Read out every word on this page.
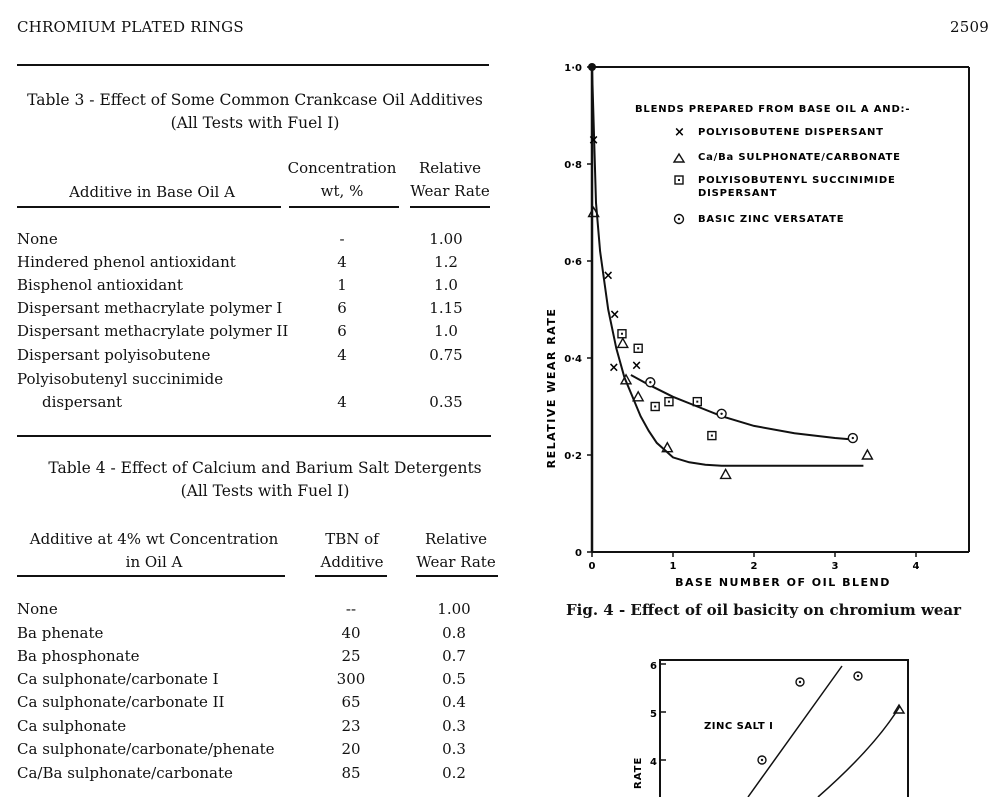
CHROMIUM PLATED RINGS	2509
Table 3 - Effect of Some Common Crankcase Oil Additives
(All Tests with Fuel I)
Additive in Base Oil A
Concentration
wt, %
Relative
Wear Rate
None	-	1.00
Hindered phenol antioxidant	4	1.2
Bisphenol antioxidant	1	1.0
Dispersant methacrylate polymer I	6	1.15
Dispersant methacrylate polymer II	6	1.0
Dispersant polyisobutene	4	0.75
Polyisobutenyl succinimide
dispersant	4	0.35
Table 4 - Effect of Calcium and Barium Salt Detergents
(All Tests with Fuel I)
Additive at 4% wt Concentration
in Oil A
TBN of
Additive
Relative
Wear Rate
None	--	1.00
Ba phenate	40	0.8
Ba phosphonate	25	0.7
Ca sulphonate/carbonate I	300	0.5
Ca sulphonate/carbonate II	65	0.4
Ca sulphonate	23	0.3
Ca sulphonate/carbonate/phenate	20	0.3
Ca/Ba sulphonate/carbonate	85	0.2
0
0·2
0·4
0·6
0·8
1·0
0	1	2	3	4
×
×
×
× ×
RELATIVE WEAR RATE
BASE NUMBER OF OIL BLEND
BLENDS PREPARED FROM BASE OIL A AND:-
× POLYISOBUTENE DISPERSANT
Ca/Ba SULPHONATE/CARBONATE
POLYISOBUTENYL SUCCINIMIDE
DISPERSANT
BASIC ZINC VERSATATE
Fig. 4 - Effect of oil basicity on chromium wear
6
5
4
RATE
ZINC SALT I
